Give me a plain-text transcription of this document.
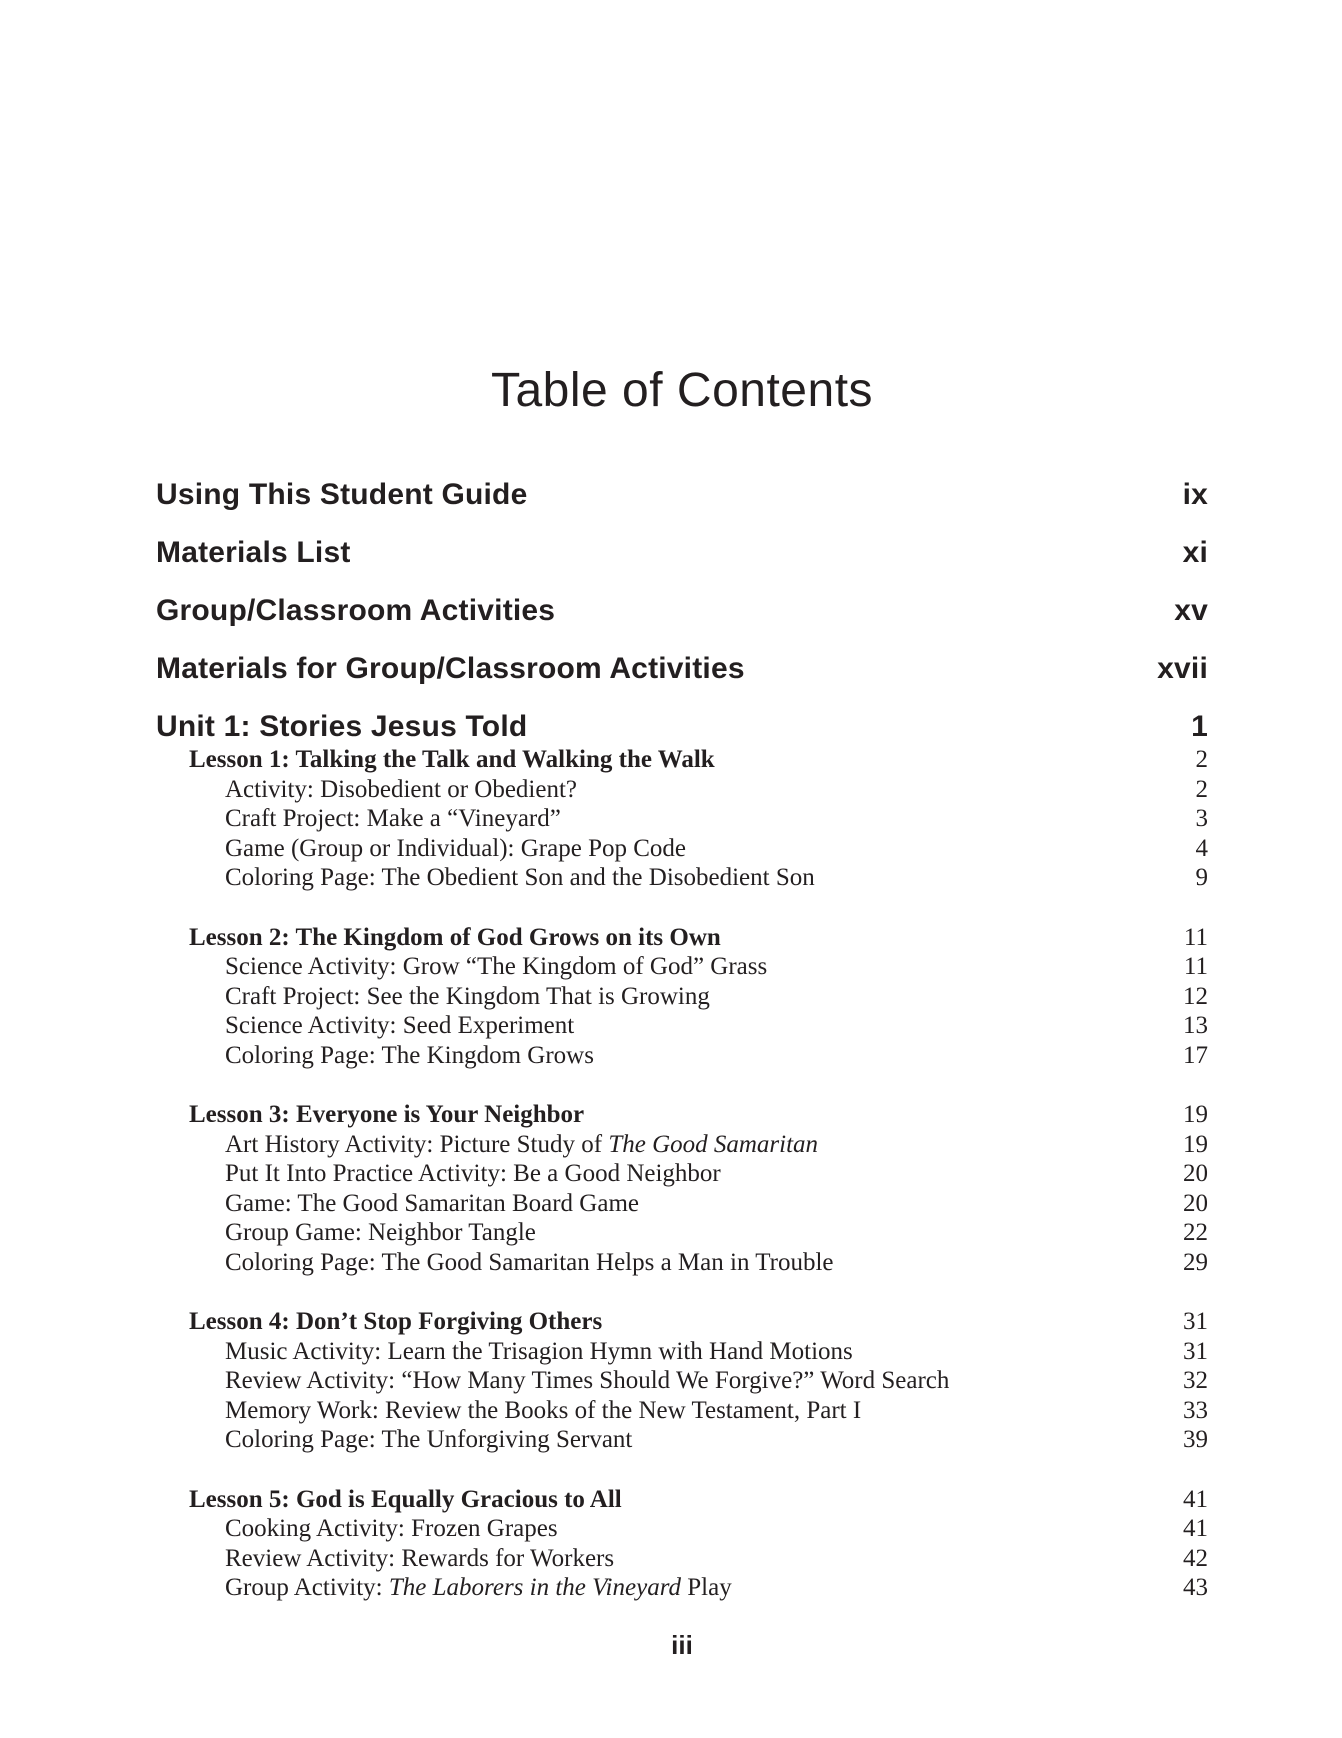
Table of Contents
Using This Student Guide	ix
Materials List	xi
Group/Classroom Activities	xv
Materials for Group/Classroom Activities	xvii
Unit 1: Stories Jesus Told	1
Lesson 1: Talking the Talk and Walking the Walk	2
Activity: Disobedient or Obedient?	2
Craft Project: Make a “Vineyard”	3
Game (Group or Individual): Grape Pop Code	4
Coloring Page: The Obedient Son and the Disobedient Son	9
Lesson 2: The Kingdom of God Grows on its Own	11
Science Activity: Grow “The Kingdom of God” Grass	11
Craft Project: See the Kingdom That is Growing	12
Science Activity: Seed Experiment	13
Coloring Page: The Kingdom Grows	17
Lesson 3: Everyone is Your Neighbor	19
Art History Activity: Picture Study of The Good Samaritan	19
Put It Into Practice Activity: Be a Good Neighbor	20
Game: The Good Samaritan Board Game	20
Group Game: Neighbor Tangle	22
Coloring Page: The Good Samaritan Helps a Man in Trouble	29
Lesson 4: Don’t Stop Forgiving Others	31
Music Activity: Learn the Trisagion Hymn with Hand Motions	31
Review Activity: “How Many Times Should We Forgive?” Word Search	32
Memory Work: Review the Books of the New Testament, Part I	33
Coloring Page: The Unforgiving Servant	39
Lesson 5: God is Equally Gracious to All	41
Cooking Activity: Frozen Grapes	41
Review Activity: Rewards for Workers	42
Group Activity: The Laborers in the Vineyard Play	43
iii
